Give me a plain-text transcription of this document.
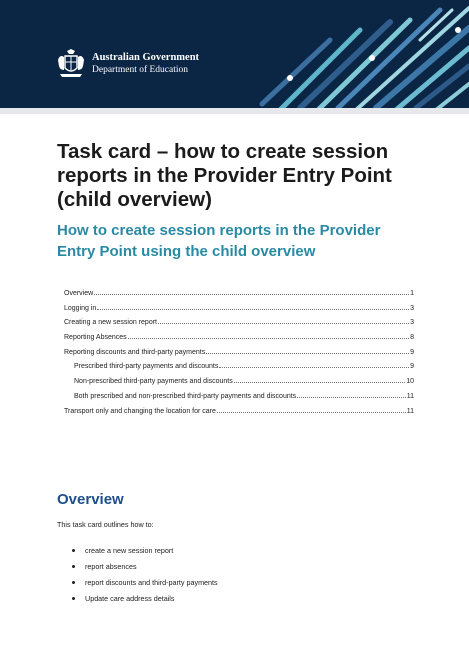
Australian Government
Department of Education
Task card – how to create session reports in the Provider Entry Point (child overview)
How to create session reports in the Provider Entry Point using the child overview
Overview	1
Logging in	3
Creating a new session report	3
Reporting Absences	8
Reporting discounts and third-party payments	9
Prescribed third-party payments and discounts	9
Non-prescribed third-party payments and discounts	10
Both prescribed and non-prescribed third-party payments and discounts	11
Transport only and changing the location for care	11
Overview

This task card outlines how to:

create a new session report
report absences
report discounts and third-party payments
Update care address details
